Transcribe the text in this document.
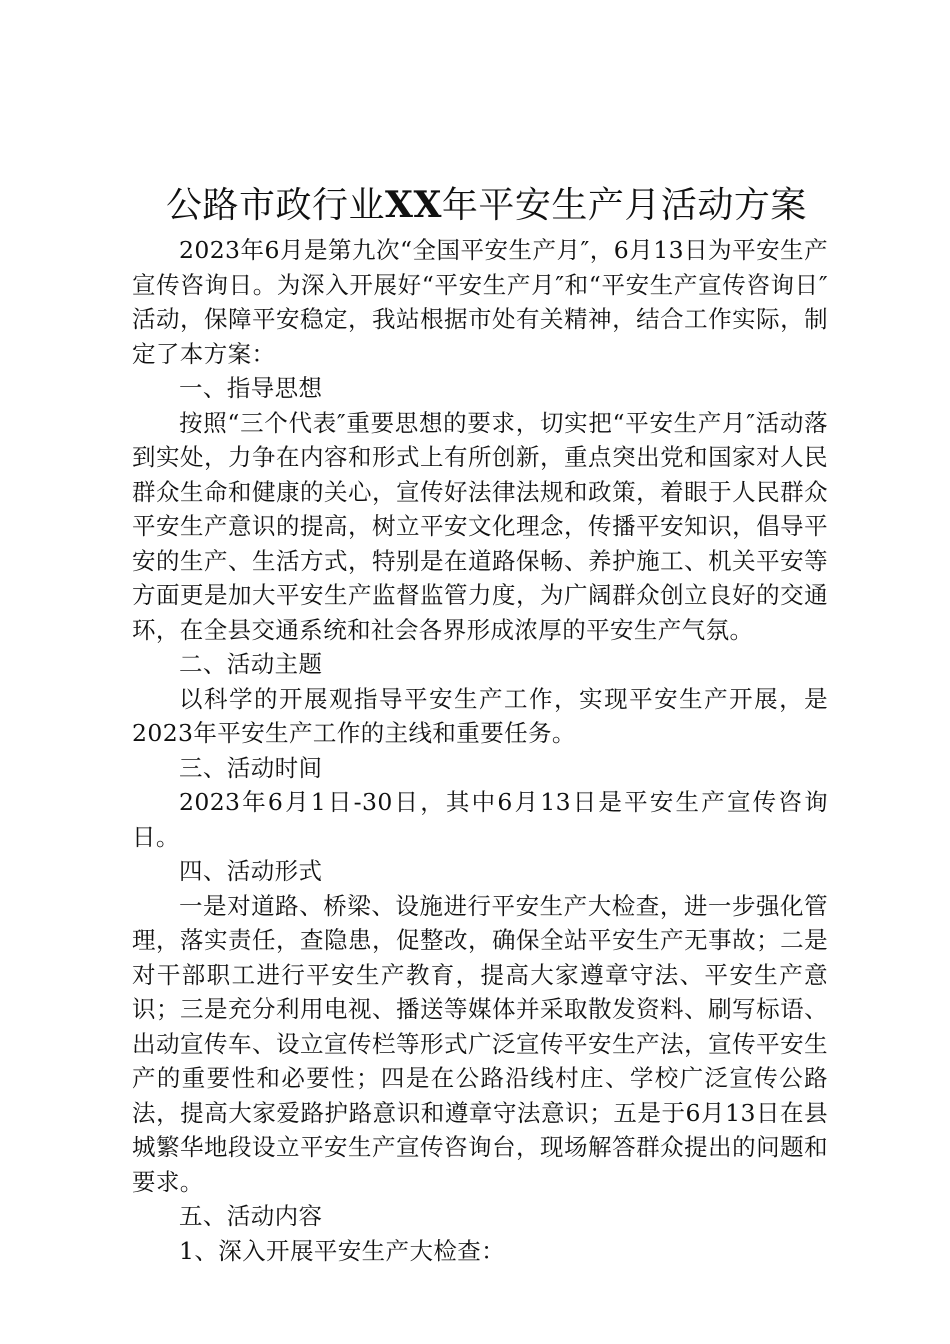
公路市政行业XX年平安生产月活动方案

2023年6月是第九次“全国平安生产月″，6月13日为平安生产宣传咨询日。为深入开展好“平安生产月″和“平安生产宣传咨询日″活动，保障平安稳定，我站根据市处有关精神，结合工作实际，制定了本方案：

一、指导思想

按照“三个代表″重要思想的要求，切实把“平安生产月″活动落到实处，力争在内容和形式上有所创新，重点突出党和国家对人民群众生命和健康的关心，宣传好法律法规和政策，着眼于人民群众平安生产意识的提高，树立平安文化理念，传播平安知识，倡导平安的生产、生活方式，特别是在道路保畅、养护施工、机关平安等方面更是加大平安生产监督监管力度，为广阔群众创立良好的交通环，在全县交通系统和社会各界形成浓厚的平安生产气氛。

二、活动主题

以科学的开展观指导平安生产工作，实现平安生产开展，是2023年平安生产工作的主线和重要任务。

三、活动时间

2023年6月1日-30日，其中6月13日是平安生产宣传咨询日。

四、活动形式

一是对道路、桥梁、设施进行平安生产大检查，进一步强化管理，落实责任，查隐患，促整改，确保全站平安生产无事故；二是对干部职工进行平安生产教育，提高大家遵章守法、平安生产意识；三是充分利用电视、播送等媒体并采取散发资料、刷写标语、出动宣传车、设立宣传栏等形式广泛宣传平安生产法，宣传平安生产的重要性和必要性；四是在公路沿线村庄、学校广泛宣传公路法，提高大家爱路护路意识和遵章守法意识；五是于6月13日在县城繁华地段设立平安生产宣传咨询台，现场解答群众提出的问题和要求。

五、活动内容

1、深入开展平安生产大检查：
